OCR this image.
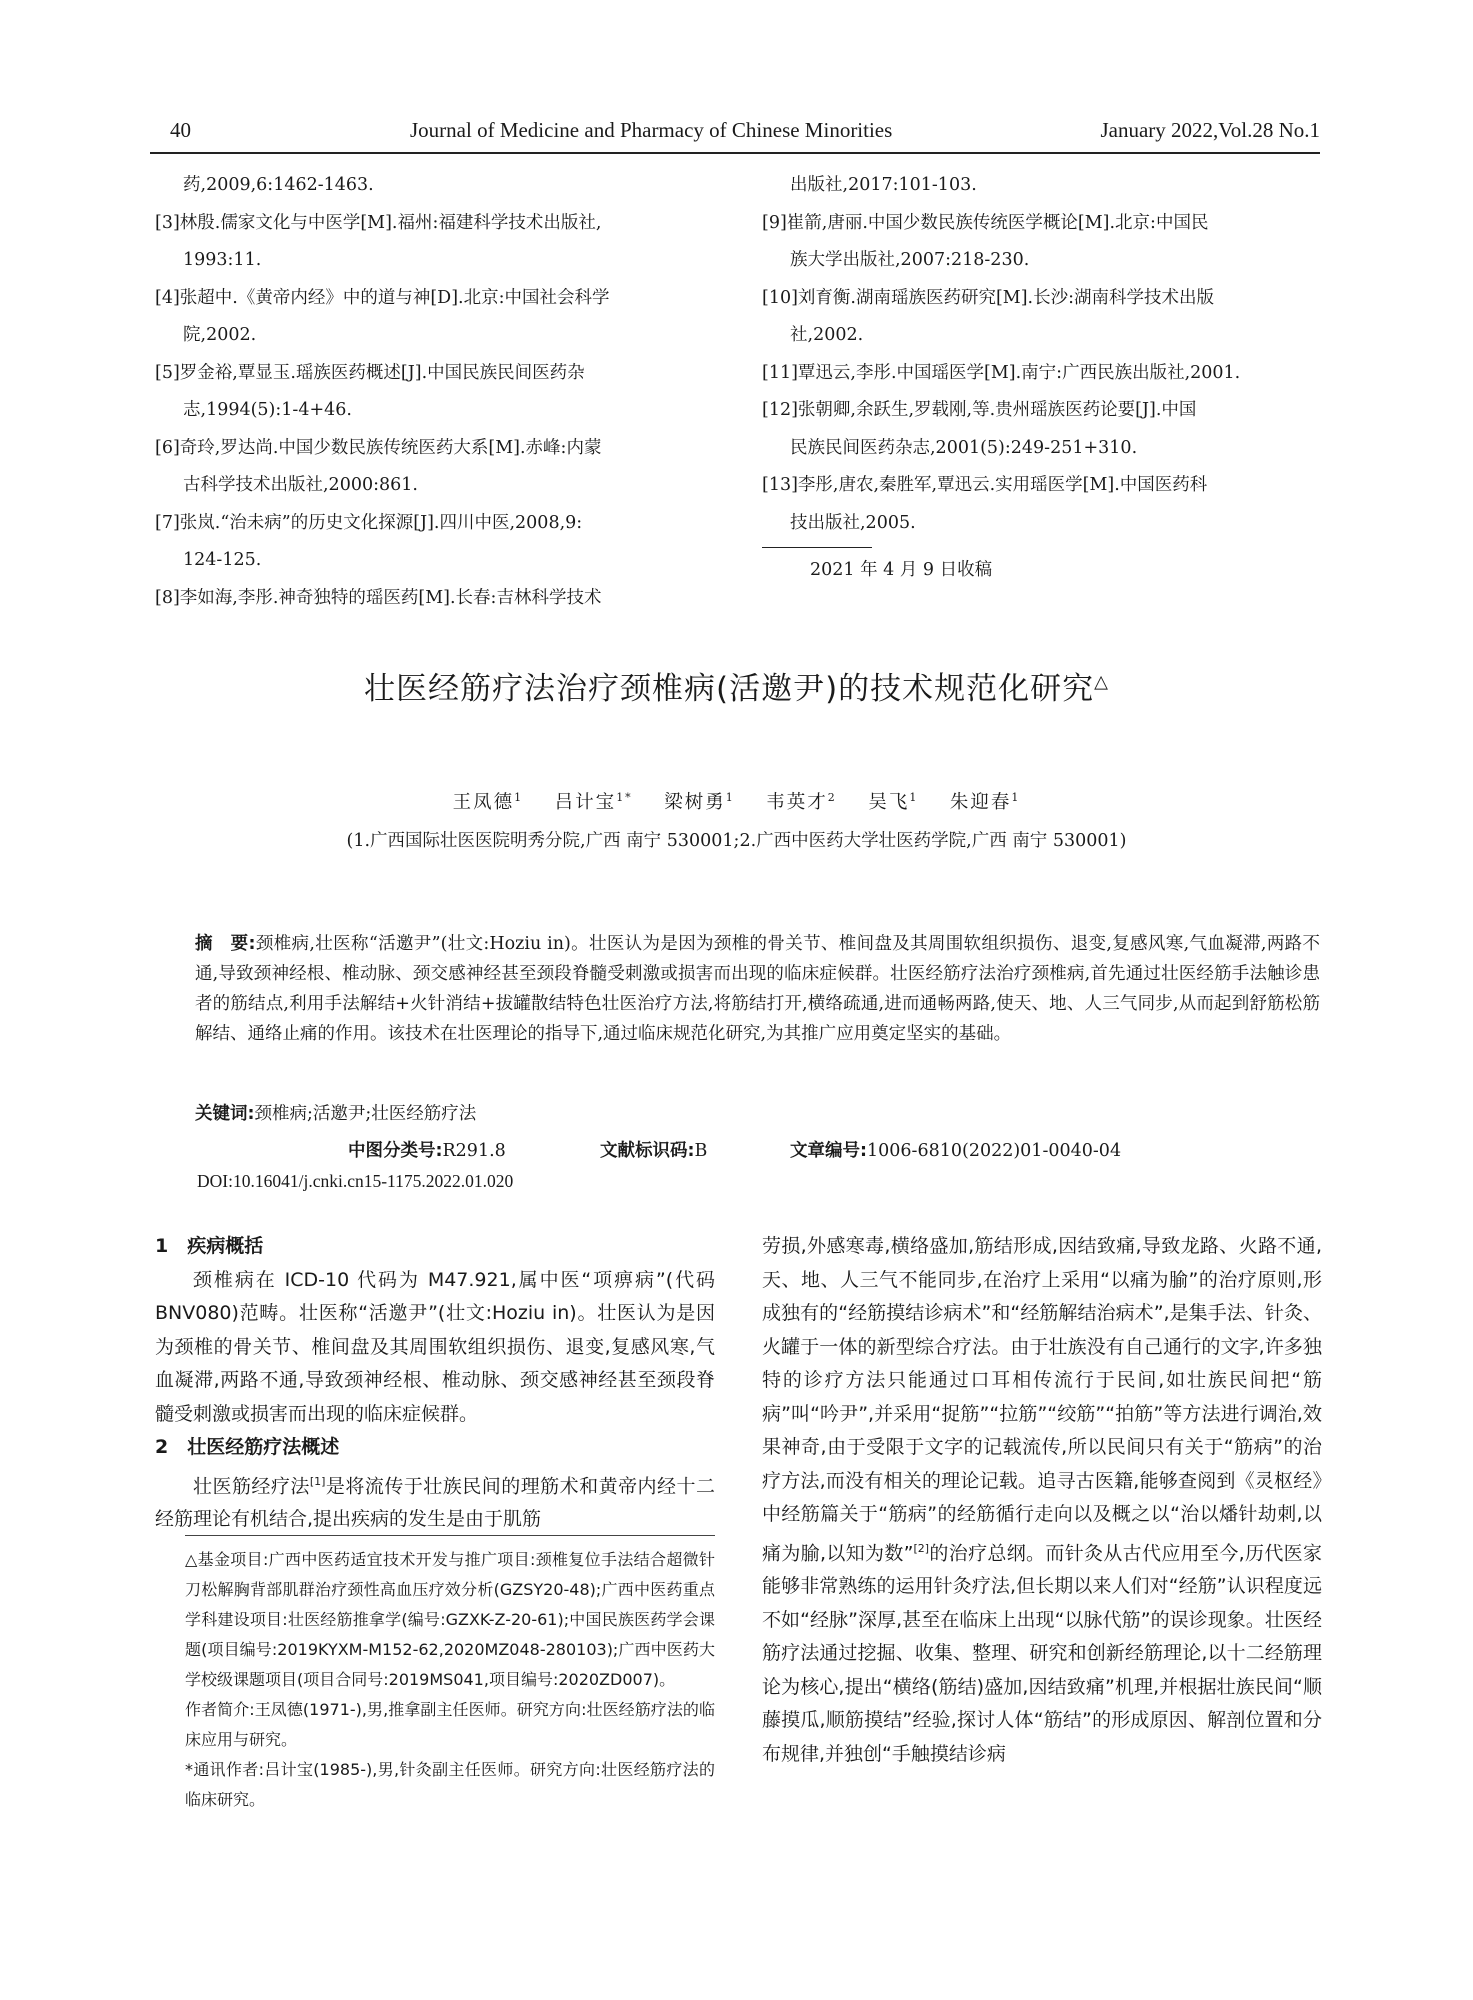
40	Journal of Medicine and Pharmacy of Chinese Minorities	January 2022,Vol.28 No.1
药,2009,6:1462-1463.
[3]林殷.儒家文化与中医学[M].福州:福建科学技术出版社,
1993:11.
[4]张超中.《黄帝内经》中的道与神[D].北京:中国社会科学
院,2002.
[5]罗金裕,覃显玉.瑶族医药概述[J].中国民族民间医药杂
志,1994(5):1-4+46.
[6]奇玲,罗达尚.中国少数民族传统医药大系[M].赤峰:内蒙
古科学技术出版社,2000:861.
[7]张岚.“治未病”的历史文化探源[J].四川中医,2008,9:
124-125.
[8]李如海,李彤.神奇独特的瑶医药[M].长春:吉林科学技术
出版社,2017:101-103.
[9]崔箭,唐丽.中国少数民族传统医学概论[M].北京:中国民
族大学出版社,2007:218-230.
[10]刘育衡.湖南瑶族医药研究[M].长沙:湖南科学技术出版
社,2002.
[11]覃迅云,李彤.中国瑶医学[M].南宁:广西民族出版社,2001.
[12]张朝卿,余跃生,罗载刚,等.贵州瑶族医药论要[J].中国
民族民间医药杂志,2001(5):249-251+310.
[13]李彤,唐农,秦胜军,覃迅云.实用瑶医学[M].中国医药科
技出版社,2005.
2021 年 4 月 9 日收稿
壮医经筋疗法治疗颈椎病(活邀尹)的技术规范化研究△
王凤德$^1$ 吕计宝$^{1*}$ 梁树勇$^1$ 韦英才$^2$ 吴飞$^1$ 朱迎春$^1$
(1.广西国际壮医医院明秀分院,广西 南宁 530001;2.广西中医药大学壮医药学院,广西 南宁 530001)
摘　要:颈椎病,壮医称“活邀尹”(壮文:Hoziu in)。壮医认为是因为颈椎的骨关节、椎间盘及其周围软组织损伤、退变,复感风寒,气血凝滞,两路不通,导致颈神经根、椎动脉、颈交感神经甚至颈段脊髓受刺激或损害而出现的临床症候群。壮医经筋疗法治疗颈椎病,首先通过壮医经筋手法触诊患者的筋结点,利用手法解结+火针消结+拔罐散结特色壮医治疗方法,将筋结打开,横络疏通,进而通畅两路,使天、地、人三气同步,从而起到舒筋松筋解结、通络止痛的作用。该技术在壮医理论的指导下,通过临床规范化研究,为其推广应用奠定坚实的基础。
关键词:颈椎病;活邀尹;壮医经筋疗法
中图分类号:R291.8	文献标识码:B	文章编号:1006-6810(2022)01-0040-04
DOI:10.16041/j.cnki.cn15-1175.2022.01.020
1　疾病概括

颈椎病在 ICD-10 代码为 M47.921,属中医“项痹病”(代码 BNV080)范畴。壮医称“活邀尹”(壮文:Hoziu in)。壮医认为是因为颈椎的骨关节、椎间盘及其周围软组织损伤、退变,复感风寒,气血凝滞,两路不通,导致颈神经根、椎动脉、颈交感神经甚至颈段脊髓受刺激或损害而出现的临床症候群。

2　壮医经筋疗法概述

壮医筋经疗法[1]是将流传于壮族民间的理筋术和黄帝内经十二经筋理论有机结合,提出疾病的发生是由于肌筋

△基金项目:广西中医药适宜技术开发与推广项目:颈椎复位手法结合超微针刀松解胸背部肌群治疗颈性高血压疗效分析(GZSY20-48);广西中医药重点学科建设项目:壮医经筋推拿学(编号:GZXK-Z-20-61);中国民族医药学会课题(项目编号:2019KYXM-M152-62,2020MZ048-280103);广西中医药大学校级课题项目(项目合同号:2019MS041,项目编号:2020ZD007)。
作者简介:王凤德(1971-),男,推拿副主任医师。研究方向:壮医经筋疗法的临床应用与研究。
*通讯作者:吕计宝(1985-),男,针灸副主任医师。研究方向:壮医经筋疗法的临床研究。
劳损,外感寒毒,横络盛加,筋结形成,因结致痛,导致龙路、火路不通,天、地、人三气不能同步,在治疗上采用“以痛为腧”的治疗原则,形成独有的“经筋摸结诊病术”和“经筋解结治病术”,是集手法、针灸、火罐于一体的新型综合疗法。由于壮族没有自己通行的文字,许多独特的诊疗方法只能通过口耳相传流行于民间,如壮族民间把“筋病”叫“吟尹”,并采用“捉筋”“拉筋”“绞筋”“拍筋”等方法进行调治,效果神奇,由于受限于文字的记载流传,所以民间只有关于“筋病”的治疗方法,而没有相关的理论记载。追寻古医籍,能够查阅到《灵枢经》中经筋篇关于“筋病”的经筋循行走向以及概之以“治以燔针劫刺,以痛为腧,以知为数”[2]的治疗总纲。而针灸从古代应用至今,历代医家能够非常熟练的运用针灸疗法,但长期以来人们对“经筋”认识程度远不如“经脉”深厚,甚至在临床上出现“以脉代筋”的误诊现象。壮医经筋疗法通过挖掘、收集、整理、研究和创新经筋理论,以十二经筋理论为核心,提出“横络(筋结)盛加,因结致痛”机理,并根据壮族民间“顺藤摸瓜,顺筋摸结”经验,探讨人体“筋结”的形成原因、解剖位置和分布规律,并独创“手触摸结诊病
